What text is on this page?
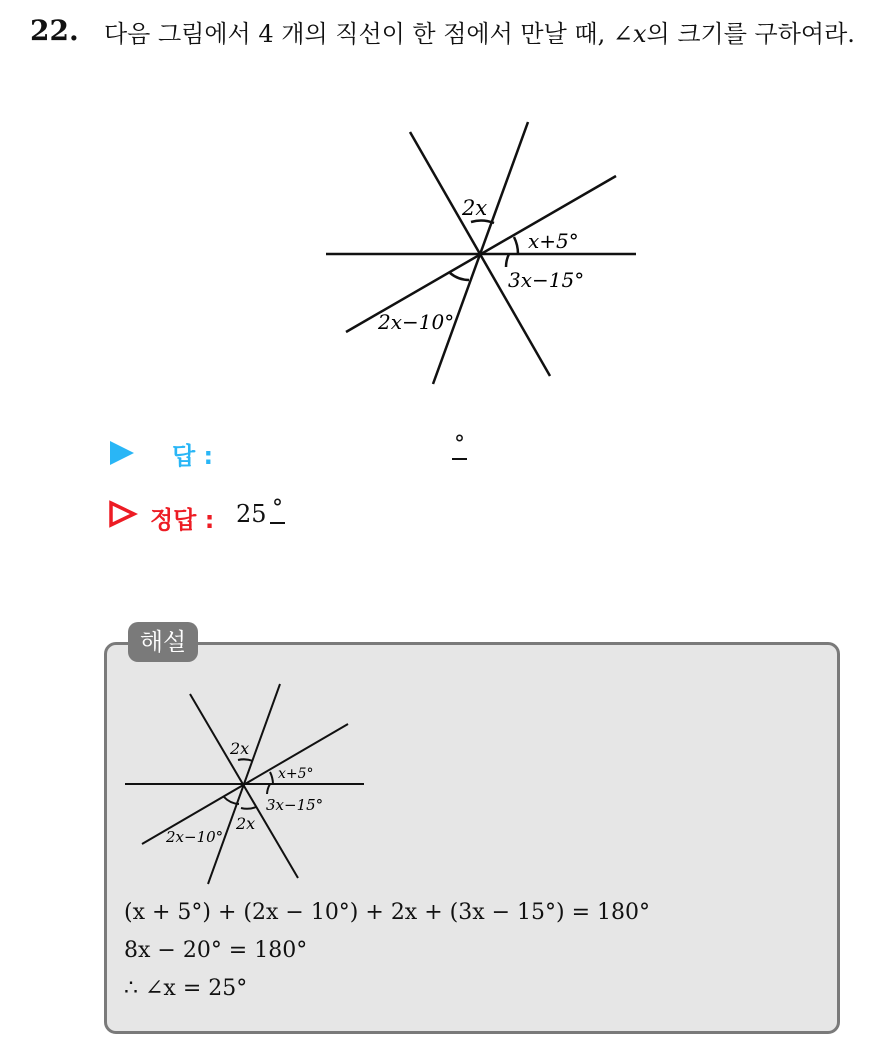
22. 다음 그림에서 4 개의 직선이 한 점에서 만날 때, ∠x의 크기를 구하여라.
2x
x+5°
3x−15°
2x−10°
답 :	°
정답 : 25 °
해설
2x
x+5°
3x−15°
2x
2x−10°
(x + 5°) + (2x − 10°) + 2x + (3x − 15°) = 180°
8x − 20° = 180°
∴ ∠x = 25°
